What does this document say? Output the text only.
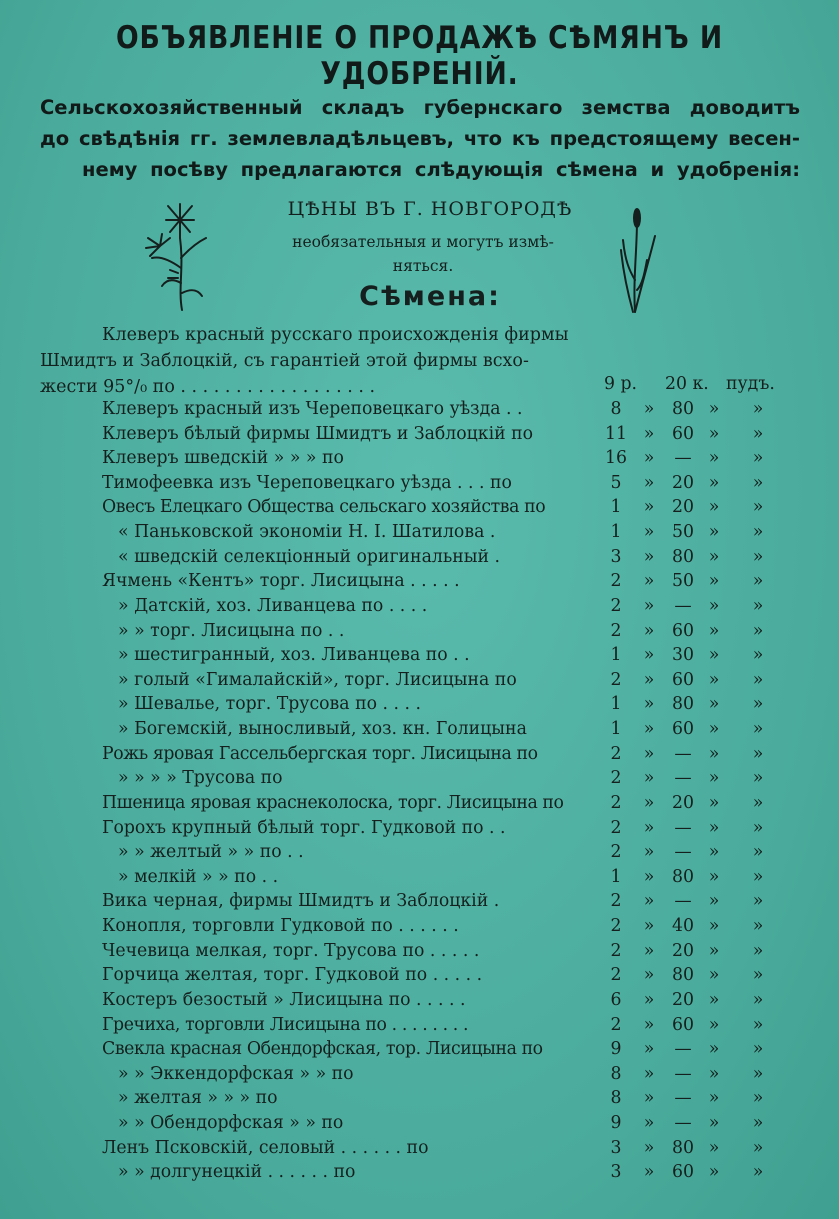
ОБЪЯВЛЕНІЕ О ПРОДАЖѢ СѢМЯНЪ И УДОБРЕНІЙ.
Сельскохозяйственный складъ губернскаго земства доводитъ
до свѣдѣнія гг. землевладѣльцевъ, что къ предстоящему весен-
нему посѣву предлагаются слѣдующія сѣмена и удобренія:
ЦѢНЫ ВЪ Г. НОВГОРОДѢ
необязательныя и могутъ измѣ-
няться.
Сѣмена:
Клеверъ красный русскаго происхожденія фирмы
Шмидтъ и Заблоцкій, съ гарантіей этой фирмы всхо-
жести 95°/₀ по . . . . . . . . . . . . . . . . . .	9 р.	20 к. пудъ.
Клеверъ красный изъ Череповецкаго уѣзда . .	8	»	80 »	»
Клеверъ бѣлый фирмы Шмидтъ и Заблоцкій по	11 »	60 »	»
Клеверъ шведскій » » » по	16 »	— »	»
Тимофеевка изъ Череповецкаго уѣзда . . . по	5	»	20 »	»
Овесъ Елецкаго Общества сельскаго хозяйства по	1	»	20 »	»
« Паньковской экономіи Н. І. Шатилова .	1	»	50 »	»
« шведскій селекціонный оригинальный .	3	»	80 »	»
Ячмень «Кентъ» торг. Лисицына . . . . .	2	»	50 »	»
» Датскій, хоз. Ливанцева по . . . .	2	»	— »	»
» » торг. Лисицына по . .	2	»	60 »	»
» шестигранный, хоз. Ливанцева по . .	1	»	30 »	»
» голый «Гималайскій», торг. Лисицына по	2	»	60 »	»
» Шевалье, торг. Трусова по . . . .	1	»	80 »	»
» Богемскій, выносливый, хоз. кн. Голицына	1	»	60 »	»
Рожь яровая Гассельбергская торг. Лисицына по	2	»	— »	»
» » » » Трусова по	2	»	— »	»
Пшеница яровая краснеколоска, торг. Лисицына по	2	»	20 »	»
Горохъ крупный бѣлый торг. Гудковой по . .	2	»	— »	»
» » желтый » » по . .	2	»	— »	»
» мелкій » » по . .	1	»	80 »	»
Вика черная, фирмы Шмидтъ и Заблоцкій .	2	»	— »	»
Конопля, торговли Гудковой по . . . . . .	2	»	40 »	»
Чечевица мелкая, торг. Трусова по . . . . .	2	»	20 »	»
Горчица желтая, торг. Гудковой по . . . . .	2	»	80 »	»
Костеръ безостый » Лисицына по . . . . .	6	»	20 »	»
Гречиха, торговли Лисицына по . . . . . . . .	2	»	60 »	»
Свекла красная Обендорфская, тор. Лисицына по	9	»	— »	»
» » Эккендорфская » » по	8	»	— »	»
» желтая » » » по	8	»	— »	»
» » Обендорфская » » по	9	»	— »	»
Ленъ Псковскій, селовый . . . . . . по	3	»	80 »	»
» » долгунецкій . . . . . . по	3	»	60 »	»
